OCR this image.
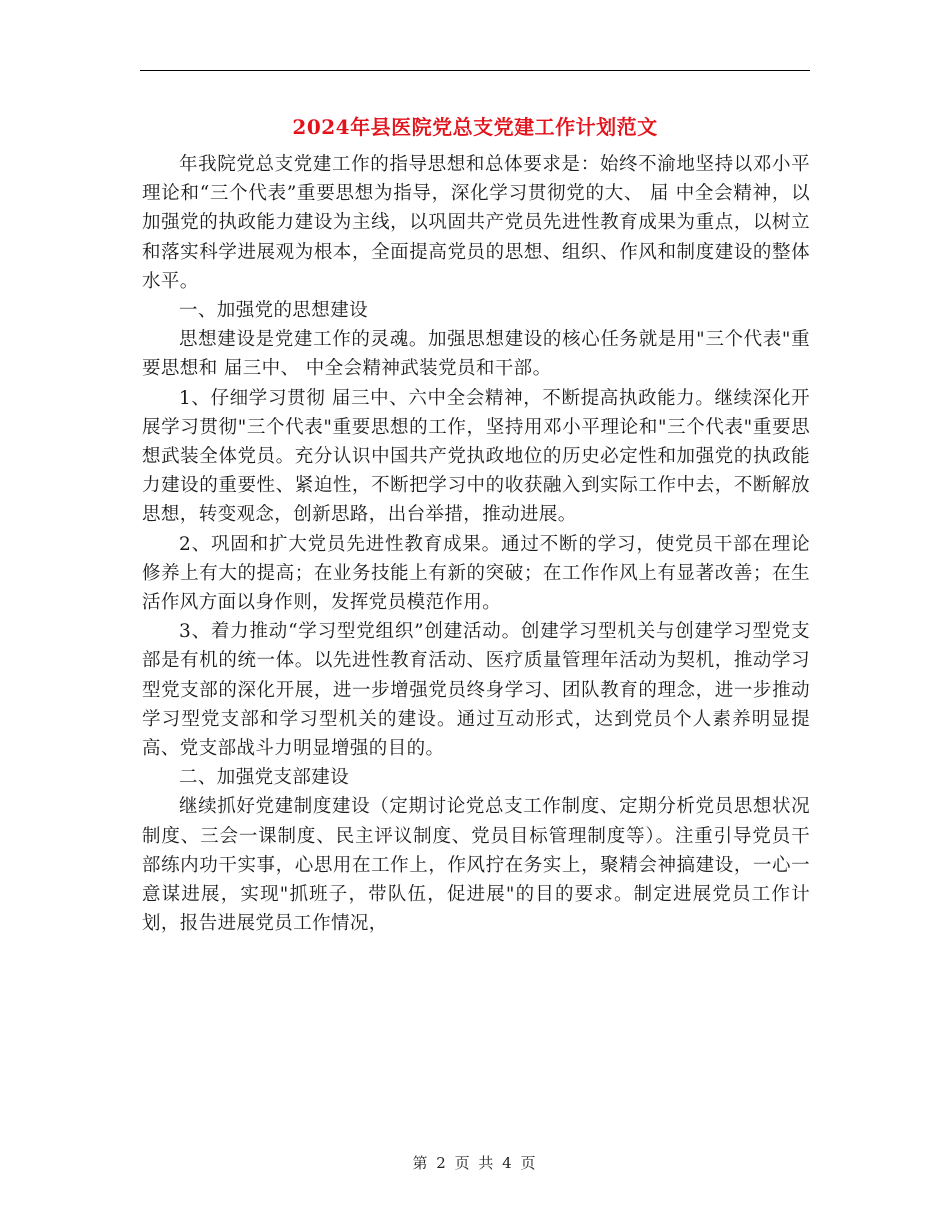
2024年县医院党总支党建工作计划范文

年我院党总支党建工作的指导思想和总体要求是：始终不渝地坚持以邓小平理论和“三个代表”重要思想为指导，深化学习贯彻党的大、 届 中全会精神，以加强党的执政能力建设为主线，以巩固共产党员先进性教育成果为重点，以树立和落实科学进展观为根本，全面提高党员的思想、组织、作风和制度建设的整体水平。

一、加强党的思想建设

思想建设是党建工作的灵魂。加强思想建设的核心任务就是用"三个代表"重要思想和 届三中、 中全会精神武装党员和干部。

1、仔细学习贯彻 届三中、六中全会精神，不断提高执政能力。继续深化开展学习贯彻"三个代表"重要思想的工作，坚持用邓小平理论和"三个代表"重要思想武装全体党员。充分认识中国共产党执政地位的历史必定性和加强党的执政能力建设的重要性、紧迫性，不断把学习中的收获融入到实际工作中去，不断解放思想，转变观念，创新思路，出台举措，推动进展。

2、巩固和扩大党员先进性教育成果。通过不断的学习，使党员干部在理论修养上有大的提高；在业务技能上有新的突破；在工作作风上有显著改善；在生活作风方面以身作则，发挥党员模范作用。

3、着力推动“学习型党组织”创建活动。创建学习型机关与创建学习型党支部是有机的统一体。以先进性教育活动、医疗质量管理年活动为契机，推动学习型党支部的深化开展，进一步增强党员终身学习、团队教育的理念，进一步推动学习型党支部和学习型机关的建设。通过互动形式，达到党员个人素养明显提高、党支部战斗力明显增强的目的。

二、加强党支部建设

继续抓好党建制度建设（定期讨论党总支工作制度、定期分析党员思想状况制度、三会一课制度、民主评议制度、党员目标管理制度等）。注重引导党员干部练内功干实事，心思用在工作上，作风拧在务实上，聚精会神搞建设，一心一意谋进展，实现"抓班子，带队伍，促进展"的目的要求。制定进展党员工作计划，报告进展党员工作情况，

第 2 页 共 4 页
